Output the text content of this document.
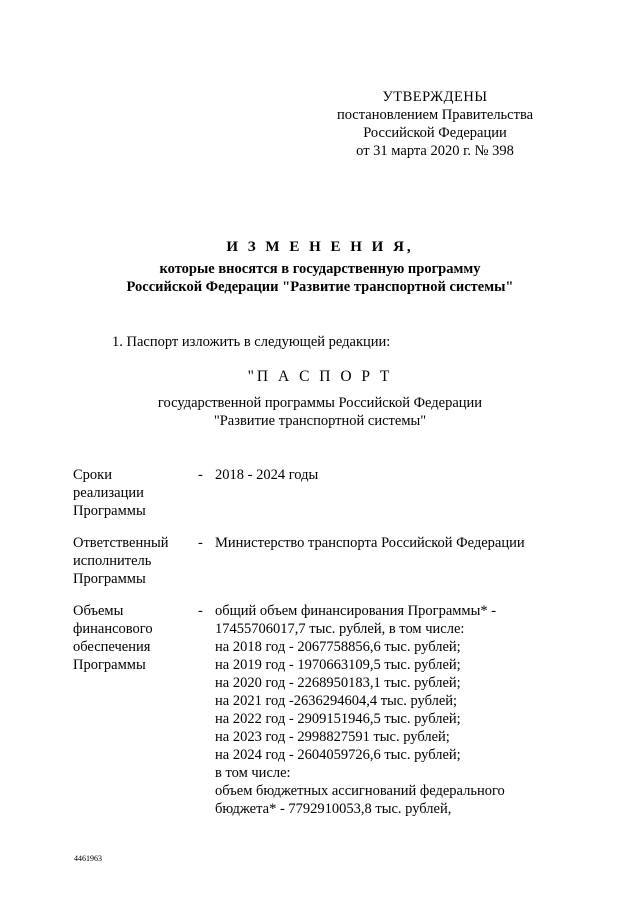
УТВЕРЖДЕНЫ
постановлением Правительства
Российской Федерации
от 31 марта 2020 г. № 398
И З М Е Н Е Н И Я,
которые вносятся в государственную программу
Российской Федерации "Развитие транспортной системы"
1. Паспорт изложить в следующей редакции:
"П А С П О Р Т
государственной программы Российской Федерации
"Развитие транспортной системы"
Сроки
реализации
Программы
- 2018 - 2024 годы
Ответственный
исполнитель
Программы
- Министерство транспорта Российской Федерации
Объемы
финансового
обеспечения
Программы
- общий объем финансирования Программы* -
17455706017,7 тыс. рублей, в том числе:
на 2018 год - 2067758856,6 тыс. рублей;
на 2019 год - 1970663109,5 тыс. рублей;
на 2020 год - 2268950183,1 тыс. рублей;
на 2021 год -2636294604,4 тыс. рублей;
на 2022 год - 2909151946,5 тыс. рублей;
на 2023 год - 2998827591 тыс. рублей;
на 2024 год - 2604059726,6 тыс. рублей;
в том числе:
объем бюджетных ассигнований федерального
бюджета* - 7792910053,8 тыс. рублей,
4461963
